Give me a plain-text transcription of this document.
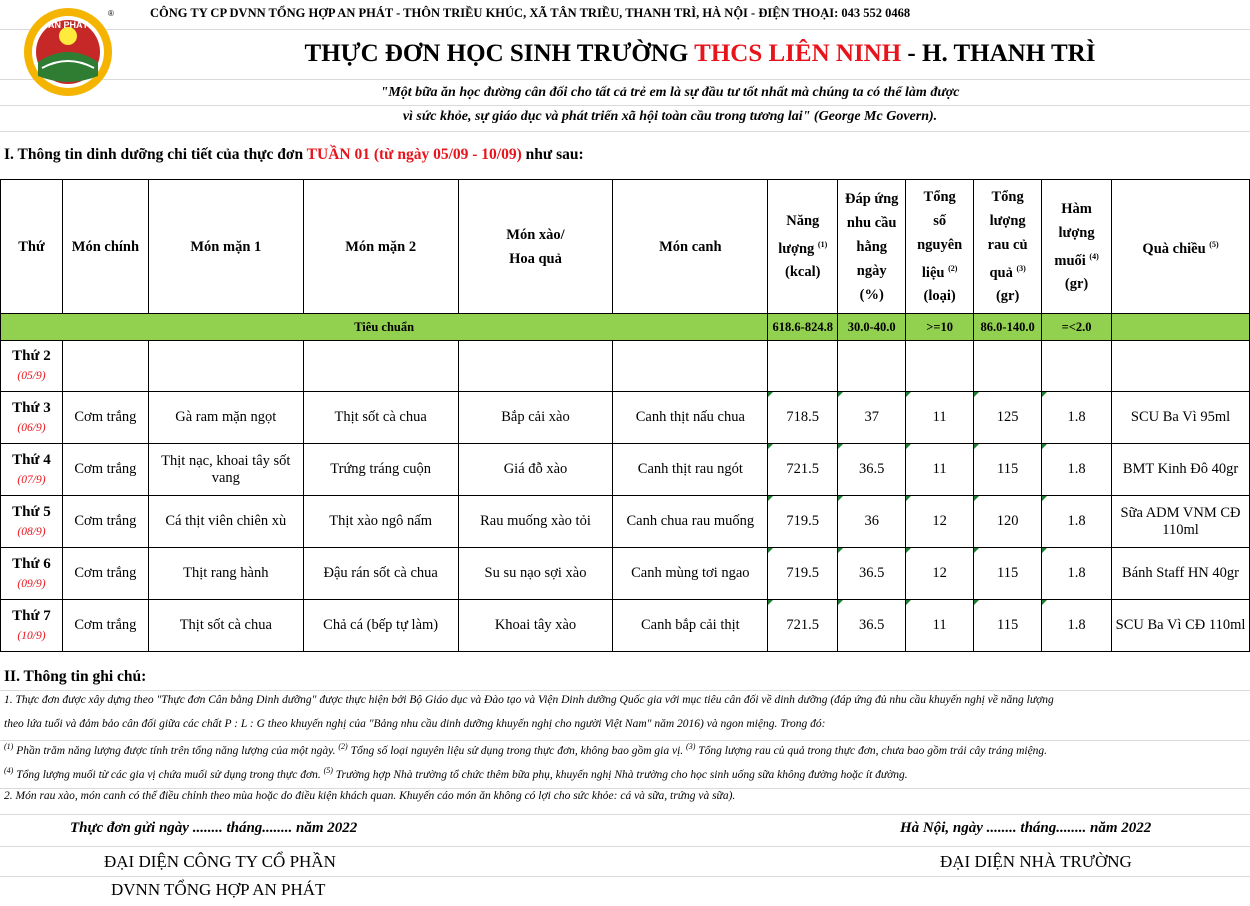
AN PHÁT
®	CÔNG TY CP DVNN TỔNG HỢP AN PHÁT - THÔN TRIỀU KHÚC, XÃ TÂN TRIỀU, THANH TRÌ, HÀ NỘI - ĐIỆN THOẠI: 043 552 0468
THỰC ĐƠN HỌC SINH TRƯỜNG THCS LIÊN NINH - H. THANH TRÌ
"Một bữa ăn học đường cân đối cho tất cả trẻ em là sự đầu tư tốt nhất mà chúng ta có thể làm được
vì sức khỏe, sự giáo dục và phát triển xã hội toàn cầu trong tương lai" (George Mc Govern).
I. Thông tin dinh dưỡng chi tiết của thực đơn TUẦN 01 (từ ngày 05/09 - 10/09) như sau:
Thứ	Món chính	Món mặn 1	Món mặn 2	Món xào/
Hoa quả	Món canh	Năng
lượng $^{(1)}$
(kcal)	Đáp ứng
nhu cầu
hằng
ngày
(%)	Tổng
số
nguyên
liệu $^{(2)}$
(loại)	Tổng
lượng
rau củ
quả $^{(3)}$
(gr)	Hàm
lượng
muối $^{(4)}$
(gr)	Quà chiều $^{(5)}$
Tiêu chuẩn						618.6-824.8	30.0-40.0	>=10	86.0-140.0	=<2.0	
Thứ 2
(05/9)											

Thứ 3
(06/9)	Cơm trắng	Gà ram mặn ngọt	Thịt sốt cà chua	Bắp cải xào	Canh thịt nấu chua	718.5	37	11	125	1.8	SCU Ba Vì 95ml
Thứ 4
(07/9)	Cơm trắng	Thịt nạc, khoai tây sốt vang	Trứng tráng cuộn	Giá đỗ xào	Canh thịt rau ngót	721.5	36.5	11	115	1.8	BMT Kinh Đô 40gr
Thứ 5
(08/9)	Cơm trắng	Cá thịt viên chiên xù	Thịt xào ngô nấm	Rau muống xào tỏi	Canh chua rau muống	719.5	36	12	120	1.8	Sữa ADM VNM CĐ 110ml
Thứ 6
(09/9)	Cơm trắng	Thịt rang hành	Đậu rán sốt cà chua	Su su nạo sợi xào	Canh mùng tơi ngao	719.5	36.5	12	115	1.8	Bánh Staff HN 40gr
Thứ 7
(10/9)	Cơm trắng	Thịt sốt cà chua	Chả cá (bếp tự làm)	Khoai tây xào	Canh bắp cải thịt	721.5	36.5	11	115	1.8	SCU Ba Vì CĐ 110ml
II. Thông tin ghi chú:
1. Thực đơn được xây dựng theo "Thực đơn Cân bằng Dinh dưỡng" được thực hiện bởi Bộ Giáo dục và Đào tạo và Viện Dinh dưỡng Quốc gia với mục tiêu cân đối về dinh dưỡng (đáp ứng đủ nhu cầu khuyến nghị về năng lượng
theo lứa tuổi và đảm bảo cân đối giữa các chất P : L : G theo khuyến nghị của "Bảng nhu cầu dinh dưỡng khuyến nghị cho người Việt Nam" năm 2016) và ngon miệng. Trong đó:
$^{(1)}$ Phần trăm năng lượng được tính trên tổng năng lượng của một ngày. $^{(2)}$ Tổng số loại nguyên liệu sử dụng trong thực đơn, không bao gồm gia vị. $^{(3)}$ Tổng lượng rau củ quả trong thực đơn, chưa bao gồm trái cây tráng miệng.
$^{(4)}$ Tổng lượng muối từ các gia vị chứa muối sử dụng trong thực đơn. $^{(5)}$ Trường hợp Nhà trường tổ chức thêm bữa phụ, khuyến nghị Nhà trường cho học sinh uống sữa không đường hoặc ít đường.
2. Món rau xào, món canh có thể điều chỉnh theo mùa hoặc do điều kiện khách quan. Khuyến cáo món ăn không có lợi cho sức khỏe: cá và sữa, trứng và sữa).
Thực đơn gửi ngày ........ tháng........ năm 2022	Hà Nội, ngày ........ tháng........ năm 2022
ĐẠI DIỆN CÔNG TY CỔ PHẦN
DVNN TỔNG HỢP AN PHÁT
ĐẠI DIỆN NHÀ TRƯỜNG
